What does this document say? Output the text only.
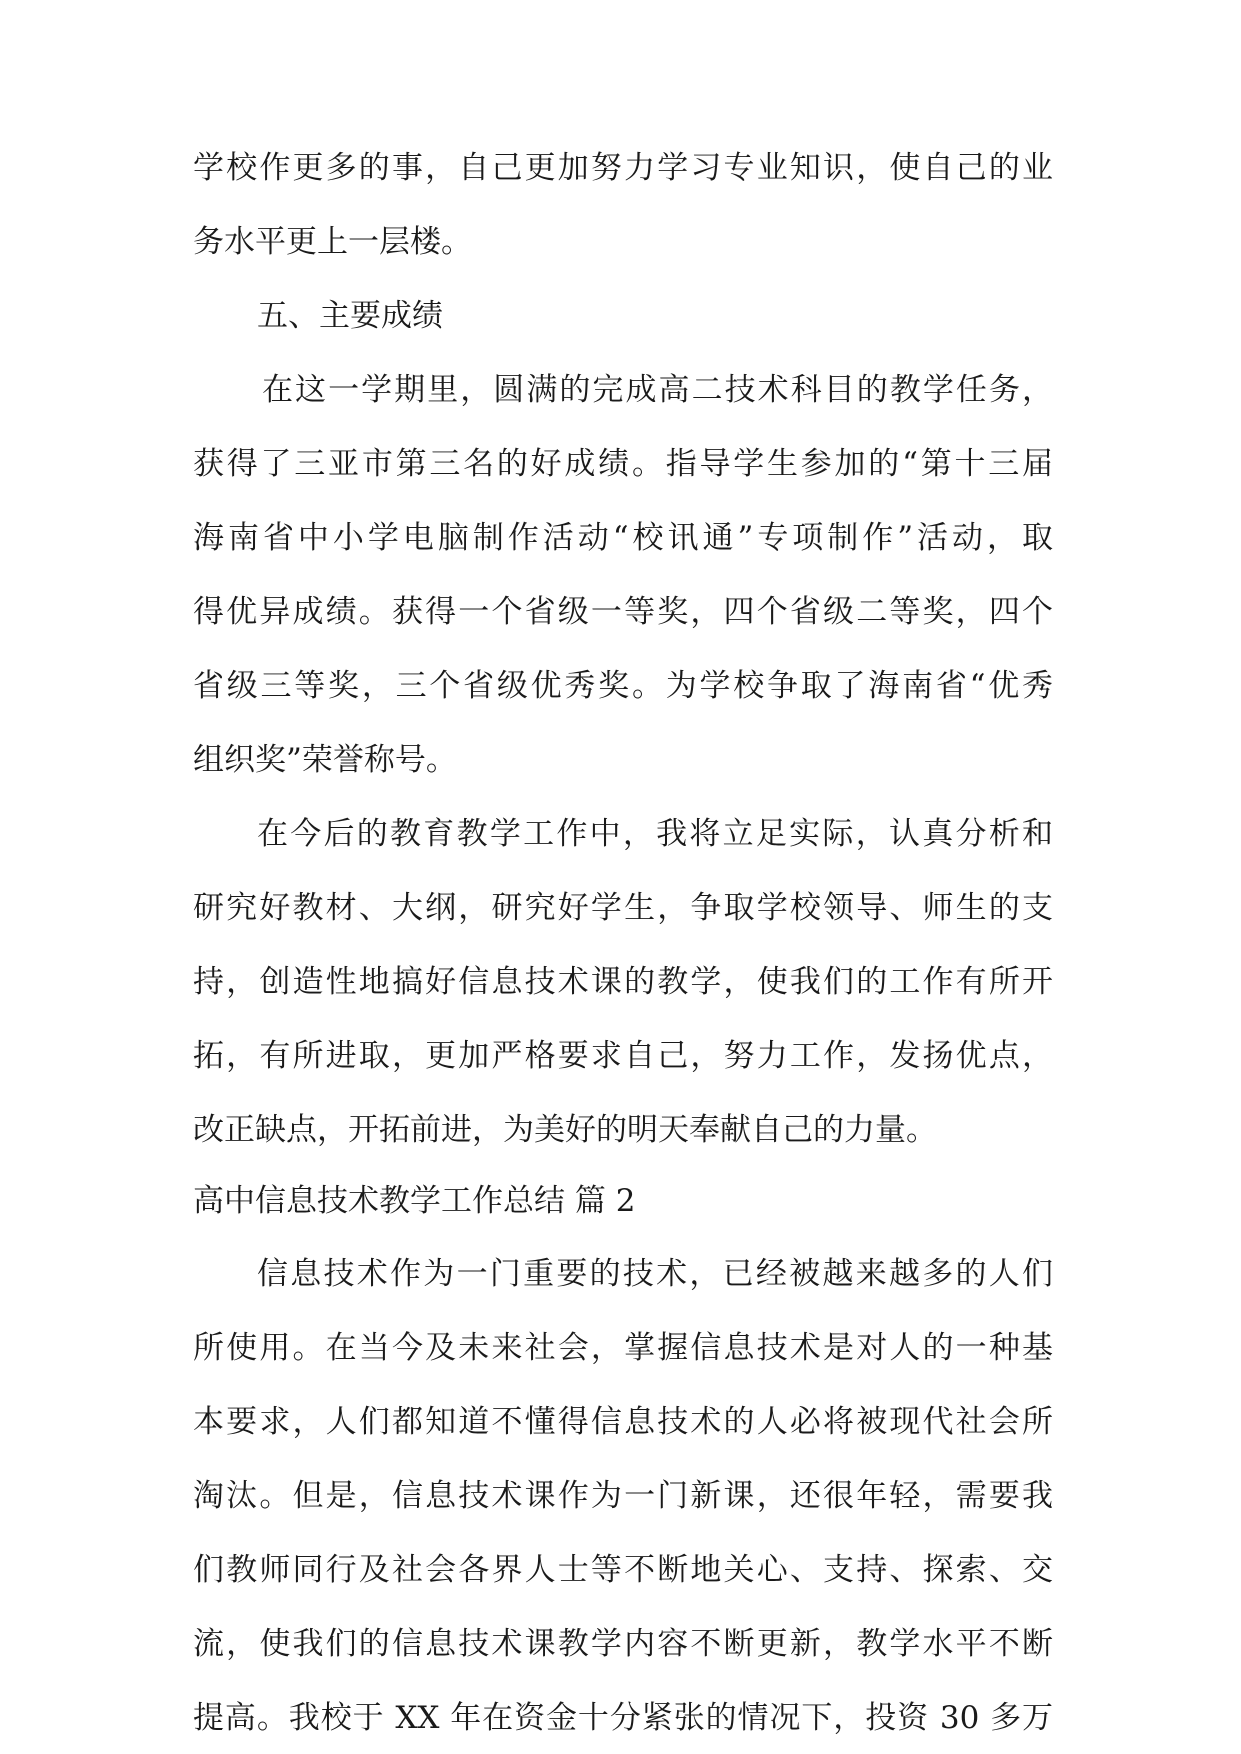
学校作更多的事，自己更加努力学习专业知识，使自己的业
务水平更上一层楼。
五、主要成绩
在这一学期里，圆满的完成高二技术科目的教学任务，
获得了三亚市第三名的好成绩。指导学生参加的“第十三届
海南省中小学电脑制作活动“校讯通”专项制作”活动，取
得优异成绩。获得一个省级一等奖，四个省级二等奖，四个
省级三等奖，三个省级优秀奖。为学校争取了海南省“优秀
组织奖”荣誉称号。
在今后的教育教学工作中，我将立足实际，认真分析和
研究好教材、大纲，研究好学生，争取学校领导、师生的支
持，创造性地搞好信息技术课的教学，使我们的工作有所开
拓，有所进取，更加严格要求自己，努力工作，发扬优点，
改正缺点，开拓前进，为美好的明天奉献自己的力量。
高中信息技术教学工作总结 篇 2
信息技术作为一门重要的技术，已经被越来越多的人们
所使用。在当今及未来社会，掌握信息技术是对人的一种基
本要求，人们都知道不懂得信息技术的人必将被现代社会所
淘汰。但是，信息技术课作为一门新课，还很年轻，需要我
们教师同行及社会各界人士等不断地关心、支持、探索、交
流，使我们的信息技术课教学内容不断更新，教学水平不断
提高。我校于 XX 年在资金十分紧张的情况下，投资 30 多万
